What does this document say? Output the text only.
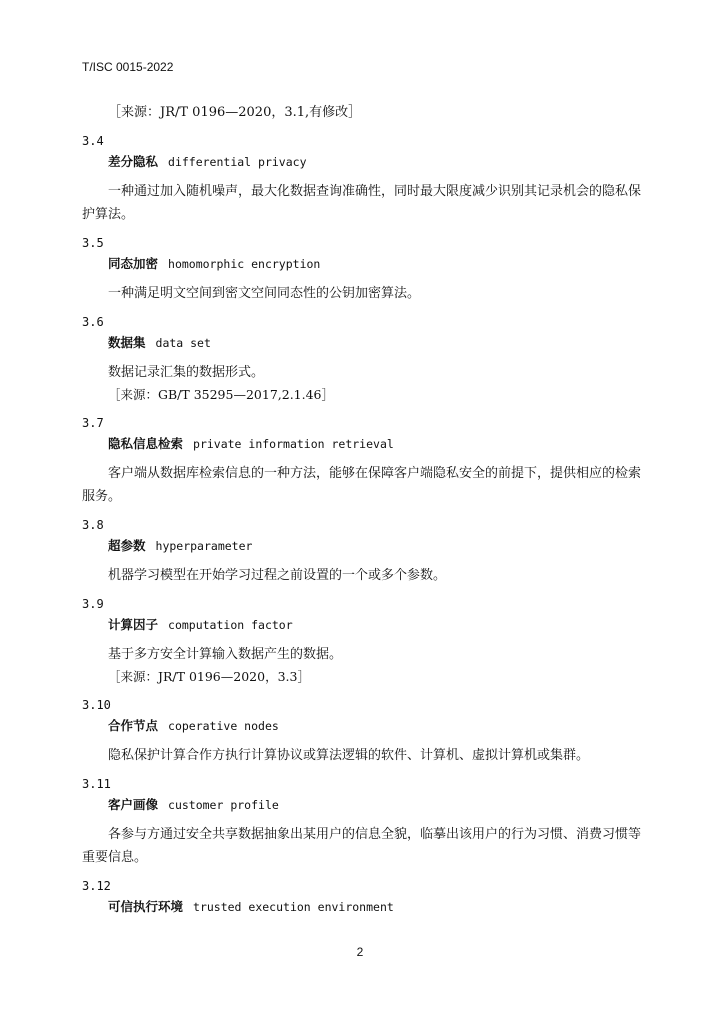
T/ISC 0015-2022
［来源：JR/T 0196—2020，3.1,有修改］
3.4
差分隐私 differential privacy
一种通过加入随机噪声，最大化数据查询准确性，同时最大限度减少识别其记录机会的隐私保护算法。
3.5
同态加密 homomorphic encryption
一种满足明文空间到密文空间同态性的公钥加密算法。
3.6
数据集 data set
数据记录汇集的数据形式。
［来源：GB/T 35295—2017,2.1.46］
3.7
隐私信息检索 private information retrieval
客户端从数据库检索信息的一种方法，能够在保障客户端隐私安全的前提下，提供相应的检索服务。
3.8
超参数 hyperparameter
机器学习模型在开始学习过程之前设置的一个或多个参数。
3.9
计算因子 computation factor
基于多方安全计算输入数据产生的数据。
［来源：JR/T 0196—2020，3.3］
3.10
合作节点 coperative nodes
隐私保护计算合作方执行计算协议或算法逻辑的软件、计算机、虚拟计算机或集群。
3.11
客户画像 customer profile
各参与方通过安全共享数据抽象出某用户的信息全貌，临摹出该用户的行为习惯、消费习惯等重要信息。
3.12
可信执行环境 trusted execution environment
2
